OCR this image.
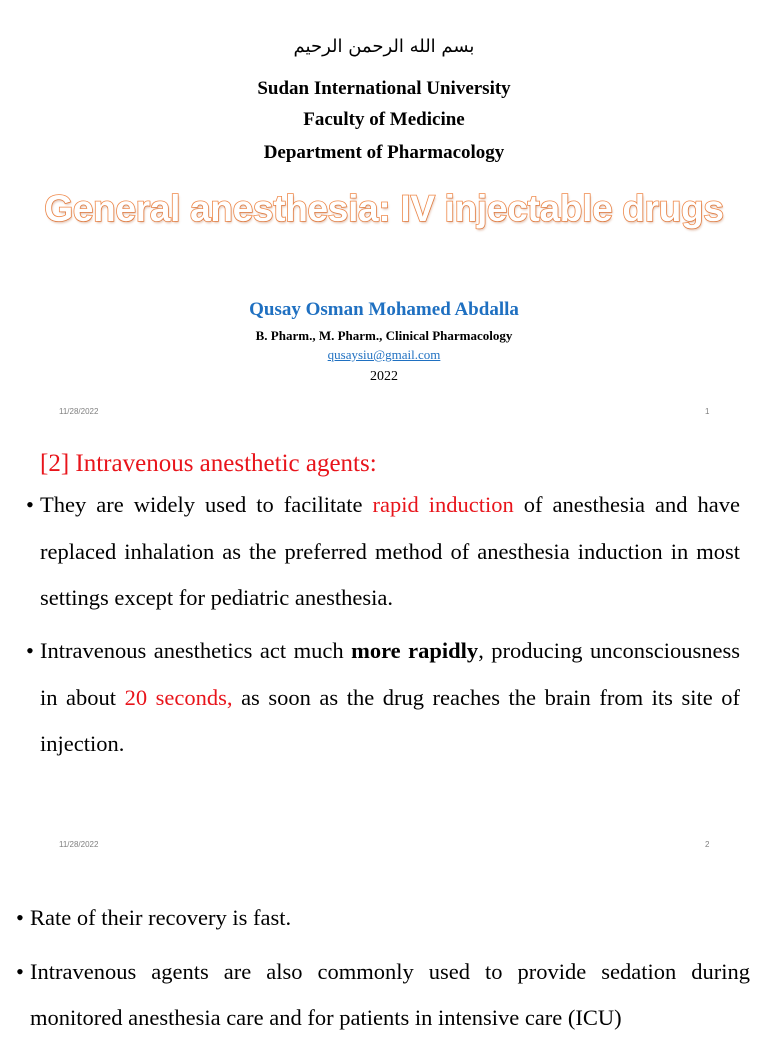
بسم الله الرحمن الرحيم
Sudan International University
Faculty of Medicine
Department of Pharmacology
General anesthesia: IV injectable drugs
Qusay Osman Mohamed Abdalla
B. Pharm., M. Pharm., Clinical Pharmacology
qusaysiu@gmail.com
2022
11/28/2022	1
[2] Intravenous anesthetic agents:
• They are widely used to facilitate rapid induction of anesthesia and have replaced inhalation as the preferred method of anesthesia induction in most settings except for pediatric anesthesia.
• Intravenous anesthetics act much more rapidly, producing unconsciousness in about 20 seconds, as soon as the drug reaches the brain from its site of injection.
11/28/2022	2
• Rate of their recovery is fast.
• Intravenous agents are also commonly used to provide sedation during monitored anesthesia care and for patients in intensive care (ICU)
